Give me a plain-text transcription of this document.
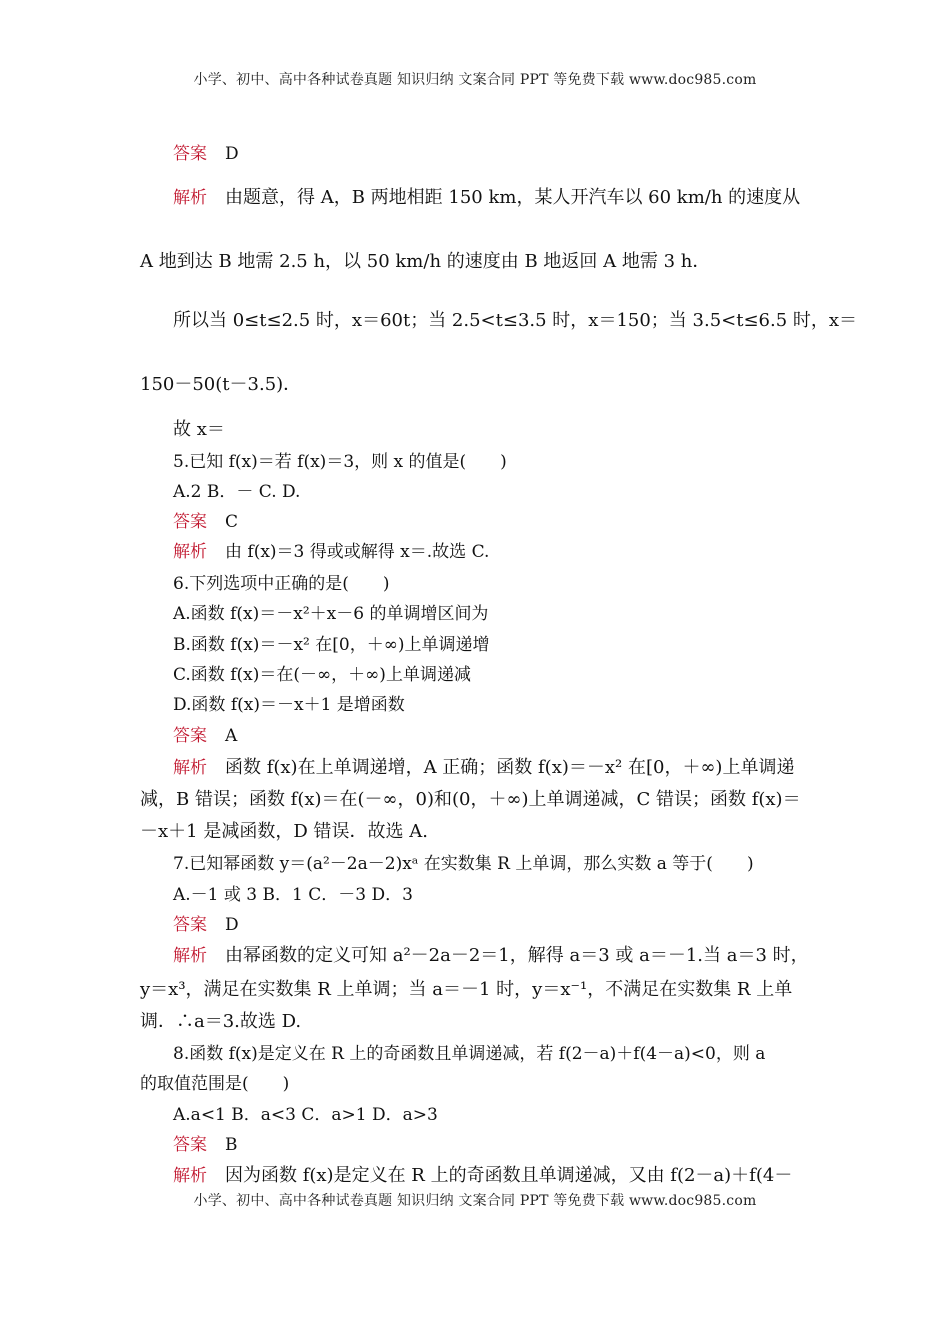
小学、初中、高中各种试卷真题 知识归纳 文案合同 PPT 等免费下载 www.doc985.com
答案 D
解析 由题意，得 A，B 两地相距 150 km，某人开汽车以 60 km/h 的速度从
A 地到达 B 地需 2.5 h，以 50 km/h 的速度由 B 地返回 A 地需 3 h．
所以当 0≤t≤2.5 时，x＝60t；当 2.5<t≤3.5 时，x＝150；当 3.5<t≤6.5 时，x＝
150－50(t－3.5)．
故 x＝
5.已知 f(x)＝若 f(x)＝3，则 x 的值是(　　)
A.2 B．－ C. D.
答案 C
解析 由 f(x)＝3 得或或解得 x＝.故选 C.
6.下列选项中正确的是(　　)
A.函数 f(x)＝－x²＋x－6 的单调增区间为
B.函数 f(x)＝－x² 在[0，＋∞)上单调递增
C.函数 f(x)＝在(－∞，＋∞)上单调递减
D.函数 f(x)＝－x＋1 是增函数
答案 A
解析 函数 f(x)在上单调递增，A 正确；函数 f(x)＝－x² 在[0，＋∞)上单调递
减，B 错误；函数 f(x)＝在(－∞，0)和(0，＋∞)上单调递减，C 错误；函数 f(x)＝
－x＋1 是减函数，D 错误．故选 A.
7.已知幂函数 y＝(a²－2a－2)xᵃ 在实数集 R 上单调，那么实数 a 等于(　　)
A.－1 或 3 B．1 C．－3 D．3
答案 D
解析 由幂函数的定义可知 a²－2a－2＝1，解得 a＝3 或 a＝－1.当 a＝3 时，
y＝x³，满足在实数集 R 上单调；当 a＝－1 时，y＝x⁻¹，不满足在实数集 R 上单
调．∴a＝3.故选 D.
8.函数 f(x)是定义在 R 上的奇函数且单调递减，若 f(2－a)＋f(4－a)<0，则 a
的取值范围是(　　)
A.a<1 B．a<3 C．a>1 D．a>3
答案 B
解析 因为函数 f(x)是定义在 R 上的奇函数且单调递减，又由 f(2－a)＋f(4－
小学、初中、高中各种试卷真题 知识归纳 文案合同 PPT 等免费下载 www.doc985.com
